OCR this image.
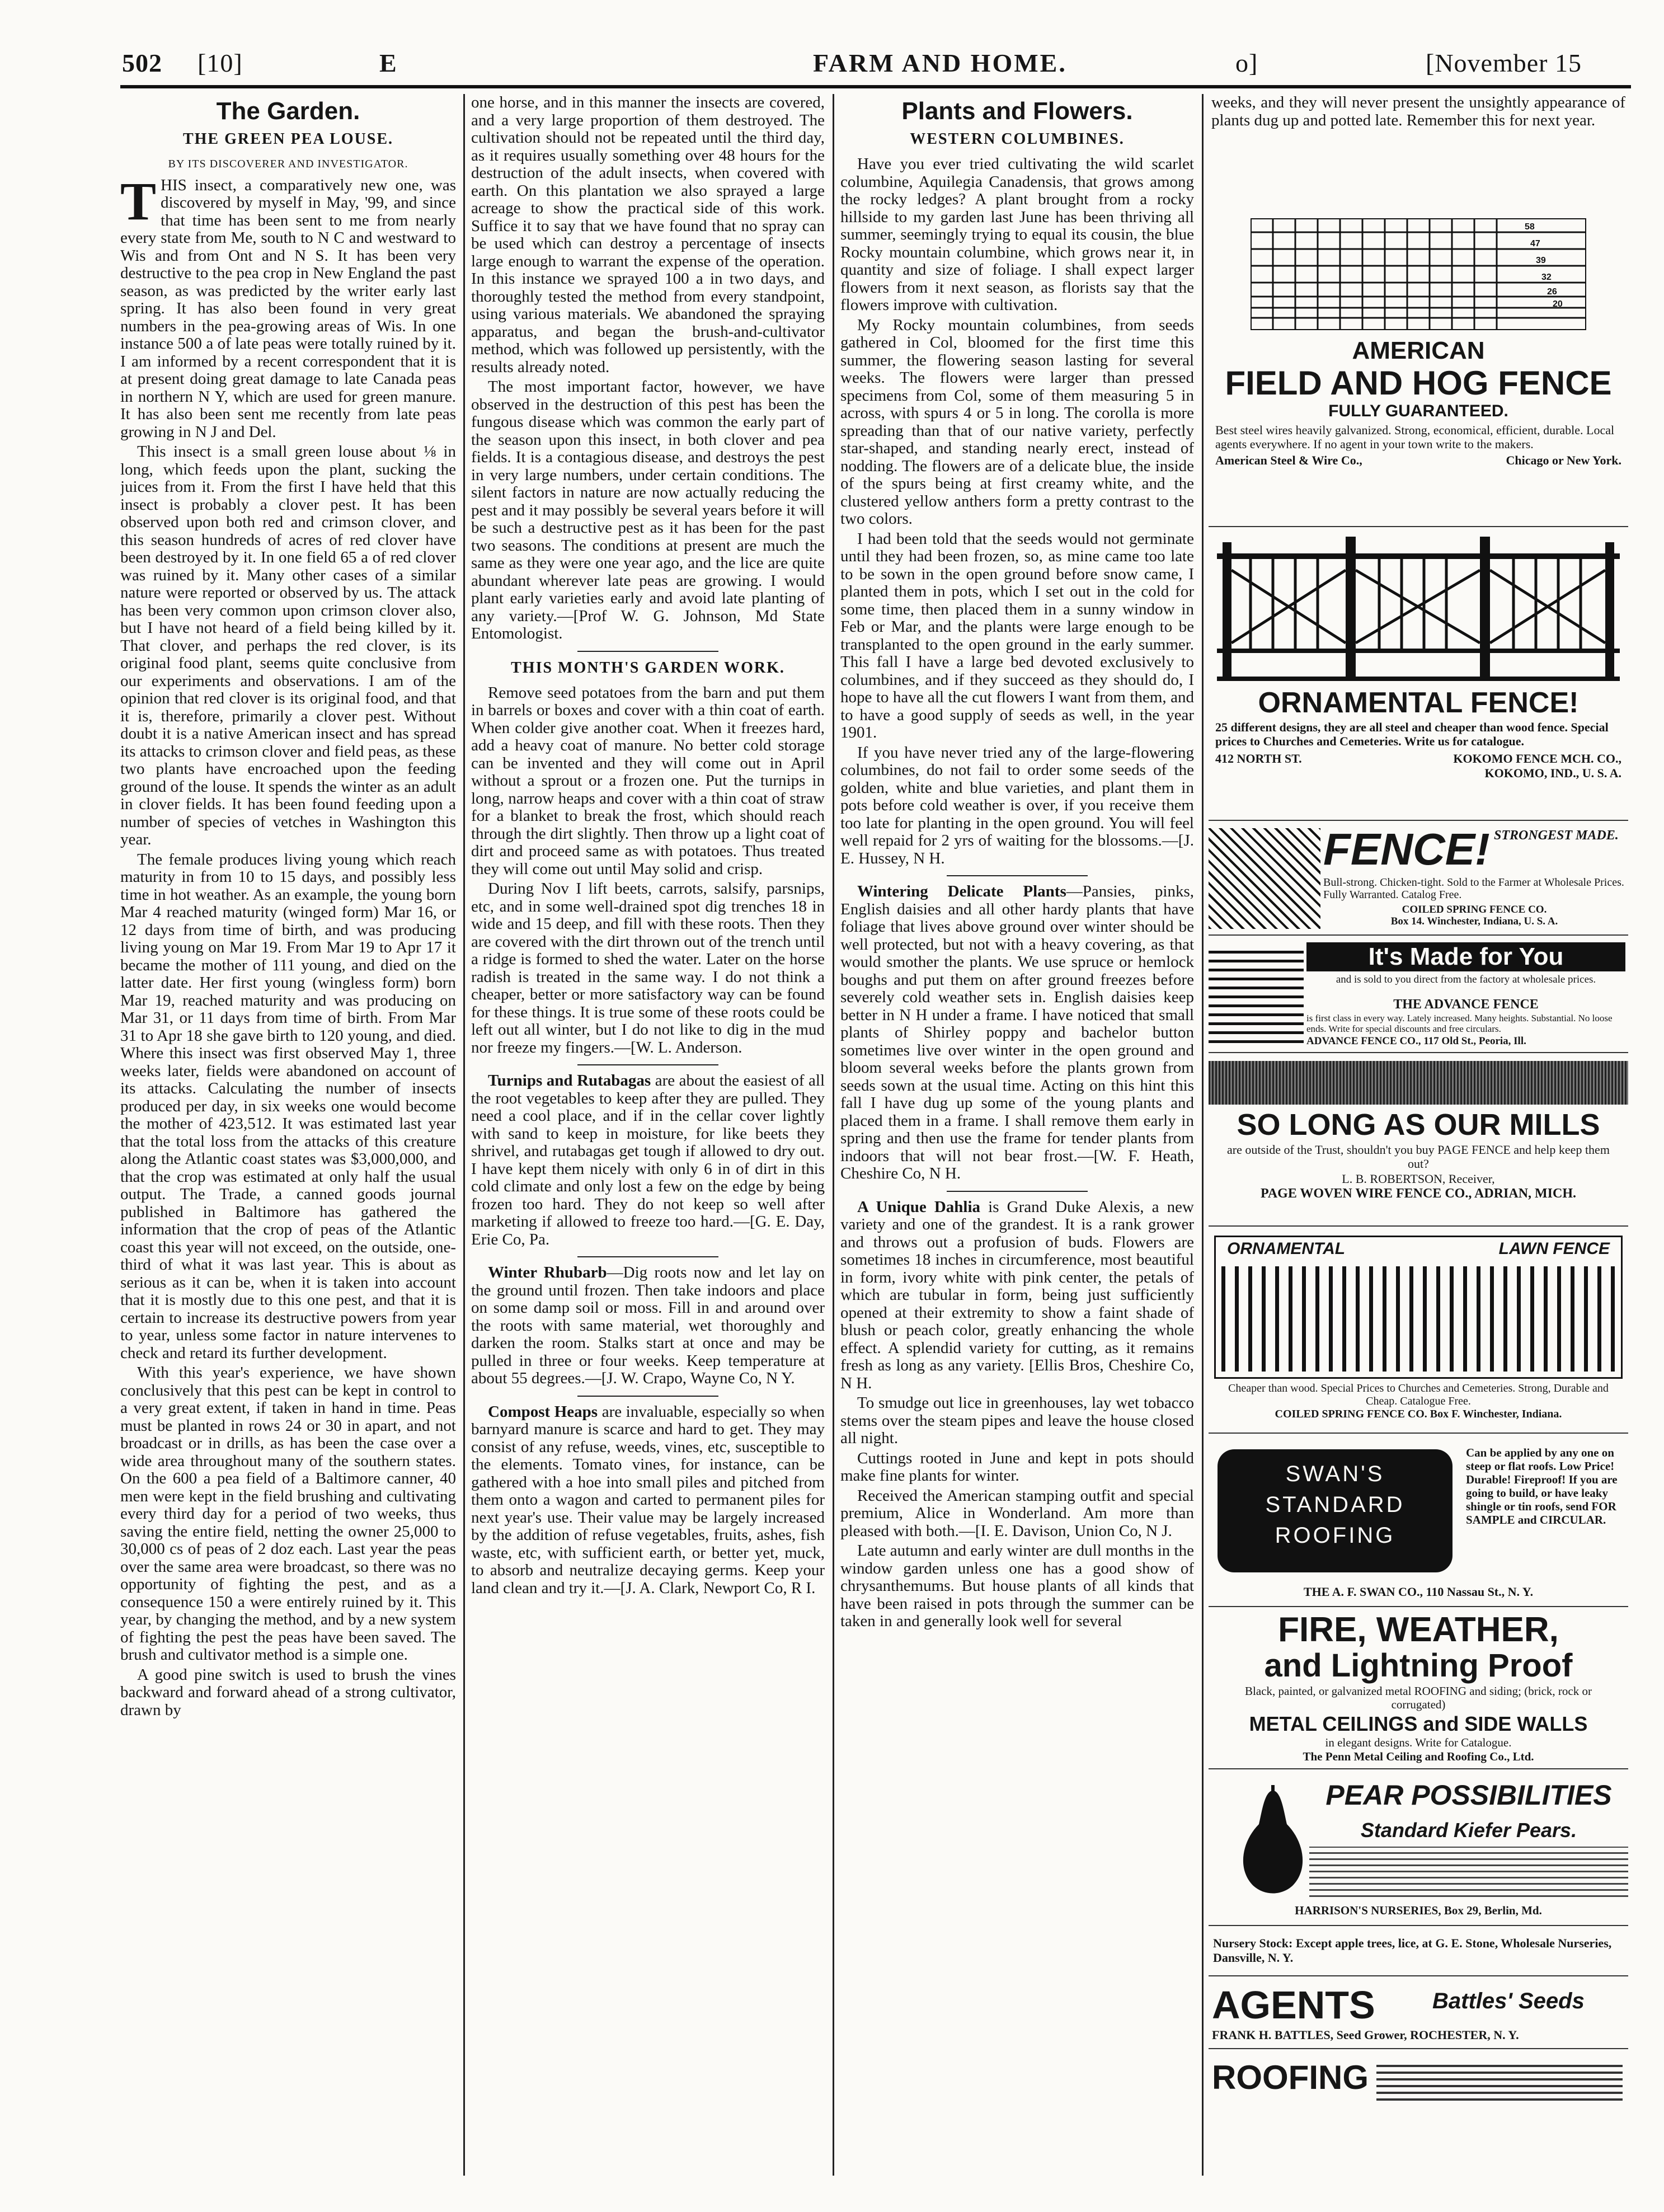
502 [10]	E	FARM AND HOME.	o]	[November 15
The Garden.
THE GREEN PEA LOUSE.
BY ITS DISCOVERER AND INVESTIGATOR.

THIS insect, a comparatively new one, was discovered by myself in May, '99, and since that time has been sent to me from nearly every state from Me, south to N C and westward to Wis and from Ont and N S. It has been very destructive to the pea crop in New England the past season, as was predicted by the writer early last spring. It has also been found in very great numbers in the pea-growing areas of Wis. In one instance 500 a of late peas were totally ruined by it. I am informed by a recent correspondent that it is at present doing great damage to late Canada peas in northern N Y, which are used for green manure. It has also been sent me recently from late peas growing in N J and Del.

This insect is a small green louse about ⅛ in long, which feeds upon the plant, sucking the juices from it. From the first I have held that this insect is probably a clover pest. It has been observed upon both red and crimson clover, and this season hundreds of acres of red clover have been destroyed by it. In one field 65 a of red clover was ruined by it. Many other cases of a similar nature were reported or observed by us. The attack has been very common upon crimson clover also, but I have not heard of a field being killed by it. That clover, and perhaps the red clover, is its original food plant, seems quite conclusive from our experiments and observations. I am of the opinion that red clover is its original food, and that it is, therefore, primarily a clover pest. Without doubt it is a native American insect and has spread its attacks to crimson clover and field peas, as these two plants have encroached upon the feeding ground of the louse. It spends the winter as an adult in clover fields. It has been found feeding upon a number of species of vetches in Washington this year.

The female produces living young which reach maturity in from 10 to 15 days, and possibly less time in hot weather. As an example, the young born Mar 4 reached maturity (winged form) Mar 16, or 12 days from time of birth, and was producing living young on Mar 19. From Mar 19 to Apr 17 it became the mother of 111 young, and died on the latter date. Her first young (wingless form) born Mar 19, reached maturity and was producing on Mar 31, or 11 days from time of birth. From Mar 31 to Apr 18 she gave birth to 120 young, and died. Where this insect was first observed May 1, three weeks later, fields were abandoned on account of its attacks. Calculating the number of insects produced per day, in six weeks one would become the mother of 423,512. It was estimated last year that the total loss from the attacks of this creature along the Atlantic coast states was $3,000,000, and that the crop was estimated at only half the usual output. The Trade, a canned goods journal published in Baltimore has gathered the information that the crop of peas of the Atlantic coast this year will not exceed, on the outside, one-third of what it was last year. This is about as serious as it can be, when it is taken into account that it is mostly due to this one pest, and that it is certain to increase its destructive powers from year to year, unless some factor in nature intervenes to check and retard its further development.

With this year's experience, we have shown conclusively that this pest can be kept in control to a very great extent, if taken in hand in time. Peas must be planted in rows 24 or 30 in apart, and not broadcast or in drills, as has been the case over a wide area throughout many of the southern states. On the 600 a pea field of a Baltimore canner, 40 men were kept in the field brushing and cultivating every third day for a period of two weeks, thus saving the entire field, netting the owner 25,000 to 30,000 cs of peas of 2 doz each. Last year the peas over the same area were broadcast, so there was no opportunity of fighting the pest, and as a consequence 150 a were entirely ruined by it. This year, by changing the method, and by a new system of fighting the pest the peas have been saved. The brush and cultivator method is a simple one.

A good pine switch is used to brush the vines backward and forward ahead of a strong cultivator, drawn by

one horse, and in this manner the insects are covered, and a very large proportion of them destroyed. The cultivation should not be repeated until the third day, as it requires usually something over 48 hours for the destruction of the adult insects, when covered with earth. On this plantation we also sprayed a large acreage to show the practical side of this work. Suffice it to say that we have found that no spray can be used which can destroy a percentage of insects large enough to warrant the expense of the operation. In this instance we sprayed 100 a in two days, and thoroughly tested the method from every standpoint, using various materials. We abandoned the spraying apparatus, and began the brush-and-cultivator method, which was followed up persistently, with the results already noted.

The most important factor, however, we have observed in the destruction of this pest has been the fungous disease which was common the early part of the season upon this insect, in both clover and pea fields. It is a contagious disease, and destroys the pest in very large numbers, under certain conditions. The silent factors in nature are now actually reducing the pest and it may possibly be several years before it will be such a destructive pest as it has been for the past two seasons. The conditions at present are much the same as they were one year ago, and the lice are quite abundant wherever late peas are growing. I would plant early varieties early and avoid late planting of any variety.—[Prof W. G. Johnson, Md State Entomologist.

THIS MONTH'S GARDEN WORK.

Remove seed potatoes from the barn and put them in barrels or boxes and cover with a thin coat of earth. When colder give another coat. When it freezes hard, add a heavy coat of manure. No better cold storage can be invented and they will come out in April without a sprout or a frozen one. Put the turnips in long, narrow heaps and cover with a thin coat of straw for a blanket to break the frost, which should reach through the dirt slightly. Then throw up a light coat of dirt and proceed same as with potatoes. Thus treated they will come out until May solid and crisp.

During Nov I lift beets, carrots, salsify, parsnips, etc, and in some well-drained spot dig trenches 18 in wide and 15 deep, and fill with these roots. Then they are covered with the dirt thrown out of the trench until a ridge is formed to shed the water. Later on the horse radish is treated in the same way. I do not think a cheaper, better or more satisfactory way can be found for these things. It is true some of these roots could be left out all winter, but I do not like to dig in the mud nor freeze my fingers.—[W. L. Anderson.

Turnips and Rutabagas are about the easiest of all the root vegetables to keep after they are pulled. They need a cool place, and if in the cellar cover lightly with sand to keep in moisture, for like beets they shrivel, and rutabagas get tough if allowed to dry out. I have kept them nicely with only 6 in of dirt in this cold climate and only lost a few on the edge by being frozen too hard. They do not keep so well after marketing if allowed to freeze too hard.—[G. E. Day, Erie Co, Pa.

Winter Rhubarb—Dig roots now and let lay on the ground until frozen. Then take indoors and place on some damp soil or moss. Fill in and around over the roots with same material, wet thoroughly and darken the room. Stalks start at once and may be pulled in three or four weeks. Keep temperature at about 55 degrees.—[J. W. Crapo, Wayne Co, N Y.

Compost Heaps are invaluable, especially so when barnyard manure is scarce and hard to get. They may consist of any refuse, weeds, vines, etc, susceptible to the elements. Tomato vines, for instance, can be gathered with a hoe into small piles and pitched from them onto a wagon and carted to permanent piles for next year's use. Their value may be largely increased by the addition of refuse vegetables, fruits, ashes, fish waste, etc, with sufficient earth, or better yet, muck, to absorb and neutralize decaying germs. Keep your land clean and try it.—[J. A. Clark, Newport Co, R I.

Plants and Flowers.
WESTERN COLUMBINES.

Have you ever tried cultivating the wild scarlet columbine, Aquilegia Canadensis, that grows among the rocky ledges? A plant brought from a rocky hillside to my garden last June has been thriving all summer, seemingly trying to equal its cousin, the blue Rocky mountain columbine, which grows near it, in quantity and size of foliage. I shall expect larger flowers from it next season, as florists say that the flowers improve with cultivation.

My Rocky mountain columbines, from seeds gathered in Col, bloomed for the first time this summer, the flowering season lasting for several weeks. The flowers were larger than pressed specimens from Col, some of them measuring 5 in across, with spurs 4 or 5 in long. The corolla is more spreading than that of our native variety, perfectly star-shaped, and standing nearly erect, instead of nodding. The flowers are of a delicate blue, the inside of the spurs being at first creamy white, and the clustered yellow anthers form a pretty contrast to the two colors.

I had been told that the seeds would not germinate until they had been frozen, so, as mine came too late to be sown in the open ground before snow came, I planted them in pots, which I set out in the cold for some time, then placed them in a sunny window in Feb or Mar, and the plants were large enough to be transplanted to the open ground in the early summer. This fall I have a large bed devoted exclusively to columbines, and if they succeed as they should do, I hope to have all the cut flowers I want from them, and to have a good supply of seeds as well, in the year 1901.

If you have never tried any of the large-flowering columbines, do not fail to order some seeds of the golden, white and blue varieties, and plant them in pots before cold weather is over, if you receive them too late for planting in the open ground. You will feel well repaid for 2 yrs of waiting for the blossoms.—[J. E. Hussey, N H.

Wintering Delicate Plants—Pansies, pinks, English daisies and all other hardy plants that have foliage that lives above ground over winter should be well protected, but not with a heavy covering, as that would smother the plants. We use spruce or hemlock boughs and put them on after ground freezes before severely cold weather sets in. English daisies keep better in N H under a frame. I have noticed that small plants of Shirley poppy and bachelor button sometimes live over winter in the open ground and bloom several weeks before the plants grown from seeds sown at the usual time. Acting on this hint this fall I have dug up some of the young plants and placed them in a frame. I shall remove them early in spring and then use the frame for tender plants from indoors that will not bear frost.—[W. F. Heath, Cheshire Co, N H.

A Unique Dahlia is Grand Duke Alexis, a new variety and one of the grandest. It is a rank grower and throws out a profusion of buds. Flowers are sometimes 18 inches in circumference, most beautiful in form, ivory white with pink center, the petals of which are tubular in form, being just sufficiently opened at their extremity to show a faint shade of blush or peach color, greatly enhancing the whole effect. A splendid variety for cutting, as it remains fresh as long as any variety. [Ellis Bros, Cheshire Co, N H.

To smudge out lice in greenhouses, lay wet tobacco stems over the steam pipes and leave the house closed all night.

Cuttings rooted in June and kept in pots should make fine plants for winter.

Received the American stamping outfit and special premium, Alice in Wonderland. Am more than pleased with both.—[I. E. Davison, Union Co, N J.

Late autumn and early winter are dull months in the window garden unless one has a good show of chrysanthemums. But house plants of all kinds that have been raised in pots through the summer can be taken in and generally look well for several

weeks, and they will never present the unsightly appearance of plants dug up and potted late. Remember this for next year.

58
47
39
32
26
20
AMERICAN
FIELD AND HOG FENCE
FULLY GUARANTEED.
Best steel wires heavily galvanized. Strong, economical, efficient, durable. Local agents everywhere. If no agent in your town write to the makers.
American Steel & Wire Co.,	Chicago or New York.
ORNAMENTAL FENCE!
25 different designs, they are all steel and cheaper than wood fence. Special prices to Churches and Cemeteries. Write us for catalogue.
412 NORTH ST.	KOKOMO FENCE MCH. CO.,
KOKOMO, IND., U. S. A.
FENCE! STRONGEST MADE.
Bull-strong. Chicken-tight. Sold to the Farmer at Wholesale Prices. Fully Warranted. Catalog Free.
COILED SPRING FENCE CO.
Box 14. Winchester, Indiana, U. S. A.
It's Made for You
and is sold to you direct from the factory at wholesale prices.
THE ADVANCE FENCE
is first class in every way. Lately increased. Many heights. Substantial. No loose ends. Write for special discounts and free circulars.
ADVANCE FENCE CO., 117 Old St., Peoria, Ill.
SO LONG AS OUR MILLS
are outside of the Trust, shouldn't you buy PAGE FENCE and help keep them out?
L. B. ROBERTSON, Receiver,
PAGE WOVEN WIRE FENCE CO., ADRIAN, MICH.
ORNAMENTAL	LAWN FENCE
Cheaper than wood. Special Prices to Churches and Cemeteries. Strong, Durable and Cheap. Catalogue Free.
COILED SPRING FENCE CO. Box F. Winchester, Indiana.
SWAN'S
STANDARD
ROOFING
Can be applied by any one on steep or flat roofs. Low Price! Durable! Fireproof! If you are going to build, or have leaky shingle or tin roofs, send FOR SAMPLE and CIRCULAR.
THE A. F. SWAN CO., 110 Nassau St., N. Y.
FIRE, WEATHER,
and Lightning Proof
Black, painted, or galvanized metal ROOFING and siding; (brick, rock or corrugated)
METAL CEILINGS and SIDE WALLS
in elegant designs. Write for Catalogue.
The Penn Metal Ceiling and Roofing Co., Ltd.
PEAR POSSIBILITIES
Standard Kiefer Pears.
HARRISON'S NURSERIES, Box 29, Berlin, Md.
Nursery Stock: Except apple trees, lice, at G. E. Stone, Wholesale Nurseries, Dansville, N. Y.
AGENTS	Battles' Seeds
FRANK H. BATTLES, Seed Grower, ROCHESTER, N. Y.
ROOFING
